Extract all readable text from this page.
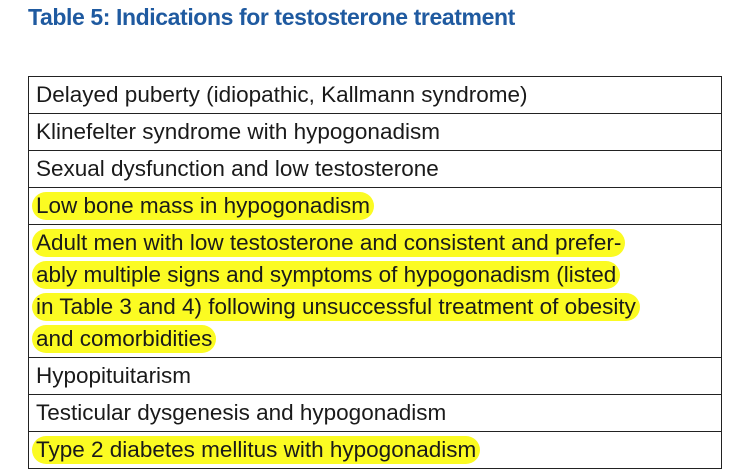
Table 5: Indications for testosterone treatment
Delayed puberty (idiopathic, Kallmann syndrome)
Klinefelter syndrome with hypogonadism
Sexual dysfunction and low testosterone
Low bone mass in hypogonadism
Adult men with low testosterone and consistent and prefer-
ably multiple signs and symptoms of hypogonadism (listed
in Table 3 and 4) following unsuccessful treatment of obesity
and comorbidities
Hypopituitarism
Testicular dysgenesis and hypogonadism
Type 2 diabetes mellitus with hypogonadism
